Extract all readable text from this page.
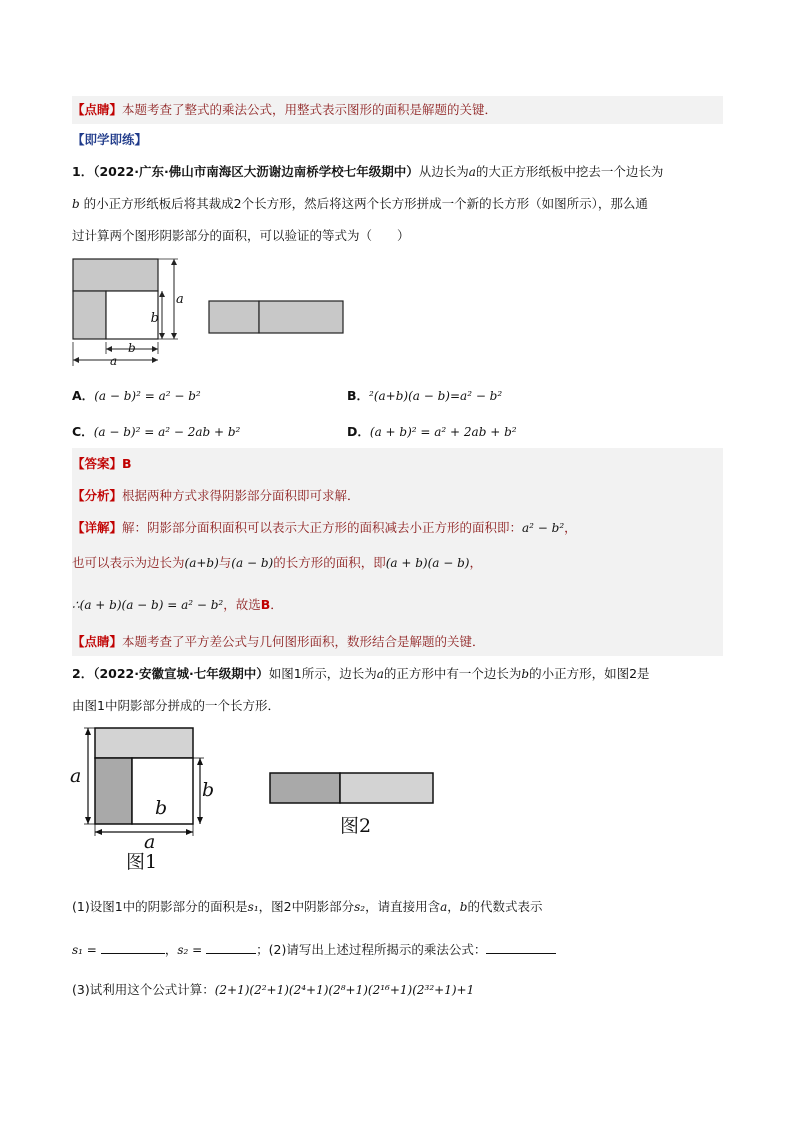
【点睛】本题考查了整式的乘法公式，用整式表示图形的面积是解题的关键．
【即学即练】
1．（2022·广东·佛山市南海区大沥谢边南桥学校七年级期中）从边长为a的大正方形纸板中挖去一个边长为
b 的小正方形纸板后将其裁成2个长方形，然后将这两个长方形拼成一个新的长方形（如图所示），那么通
过计算两个图形阴影部分的面积，可以验证的等式为（　　）
a
b
b
a
A．(a − b)² = a² − b²	B．²(a+b)(a − b)=a² − b²
C．(a − b)² = a² − 2ab + b²	D．(a + b)² = a² + 2ab + b²
【答案】B
【分析】根据两种方式求得阴影部分面积即可求解．
【详解】解：阴影部分面积面积可以表示大正方形的面积减去小正方形的面积即：a² − b²，
也可以表示为边长为(a+b)与(a − b)的长方形的面积，即(a + b)(a − b)，
∴(a + b)(a − b) = a² − b²，故选B．
【点睛】本题考查了平方差公式与几何图形面积，数形结合是解题的关键．
2．（2022·安徽宣城·七年级期中）如图1所示，边长为a的正方形中有一个边长为b的小正方形，如图2是
由图1中阴影部分拼成的一个长方形．
a
b
b
a
图1
图2
(1)设图1中的阴影部分的面积是s₁，图2中阴影部分s₂，请直接用含a，b的代数式表示
s₁ =	，s₂ =	；(2)请写出上述过程所揭示的乘法公式：
(3)试利用这个公式计算：(2+1)(2²+1)(2⁴+1)(2⁸+1)(2¹⁶+1)(2³²+1)+1
